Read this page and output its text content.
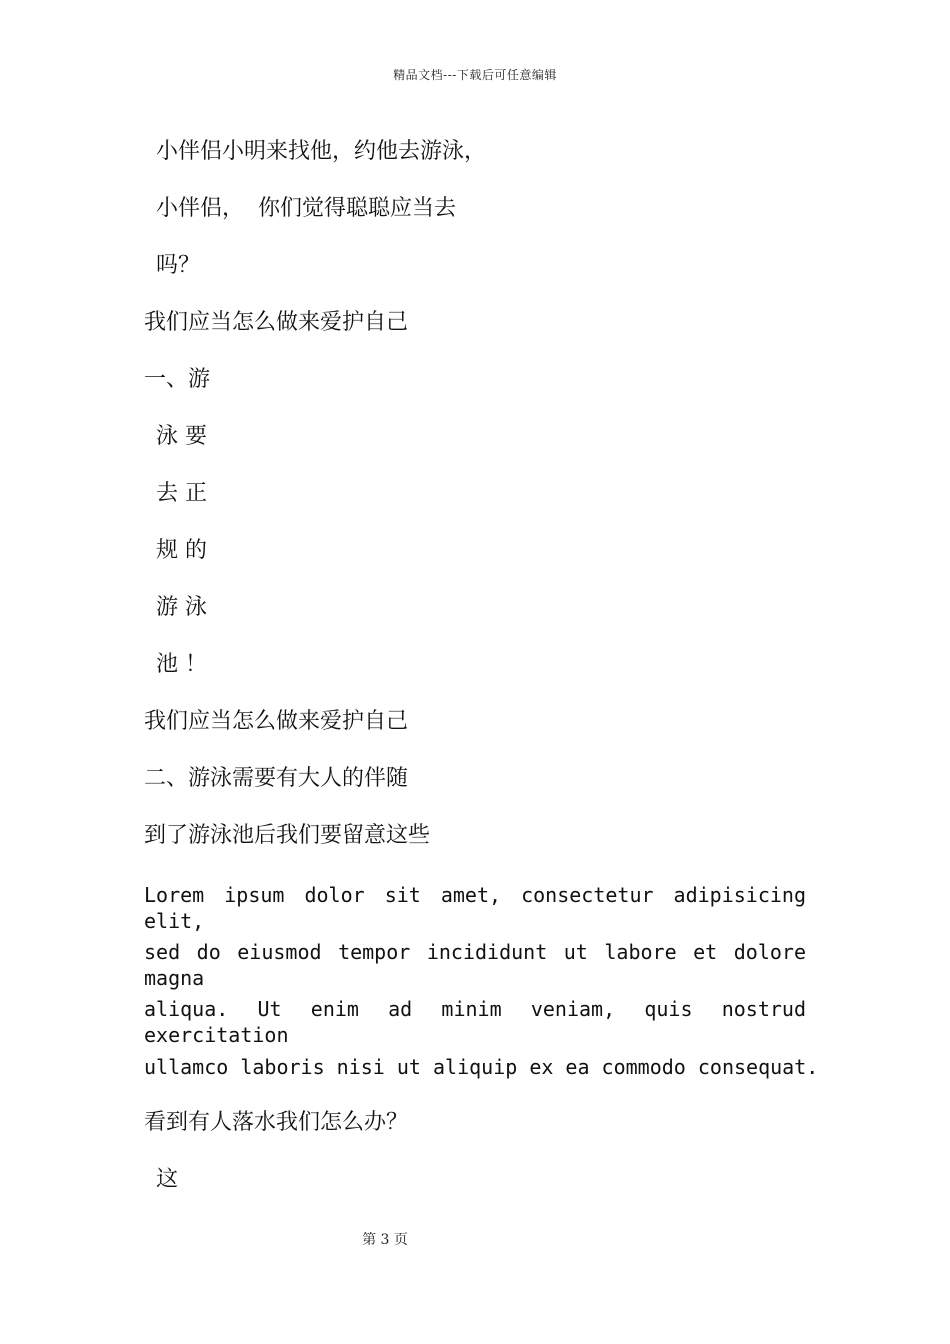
精品文档---下载后可任意编辑
小伴侣小明来找他，约他去游泳，
小伴侣，  你们觉得聪聪应当去
吗？
我们应当怎么做来爱护自己
一、游
泳 要
去 正
规 的
游 泳
池 ！
我们应当怎么做来爱护自己
二、游泳需要有大人的伴随
到了游泳池后我们要留意这些
Lorem ipsum dolor sit amet, consectetur adipisicing elit,
sed do eiusmod tempor incididunt ut labore et dolore magna
aliqua. Ut enim ad minim veniam, quis nostrud exercitation
ullamco laboris nisi ut aliquip ex ea commodo consequat.
看到有人落水我们怎么办？
这
第 3 页
